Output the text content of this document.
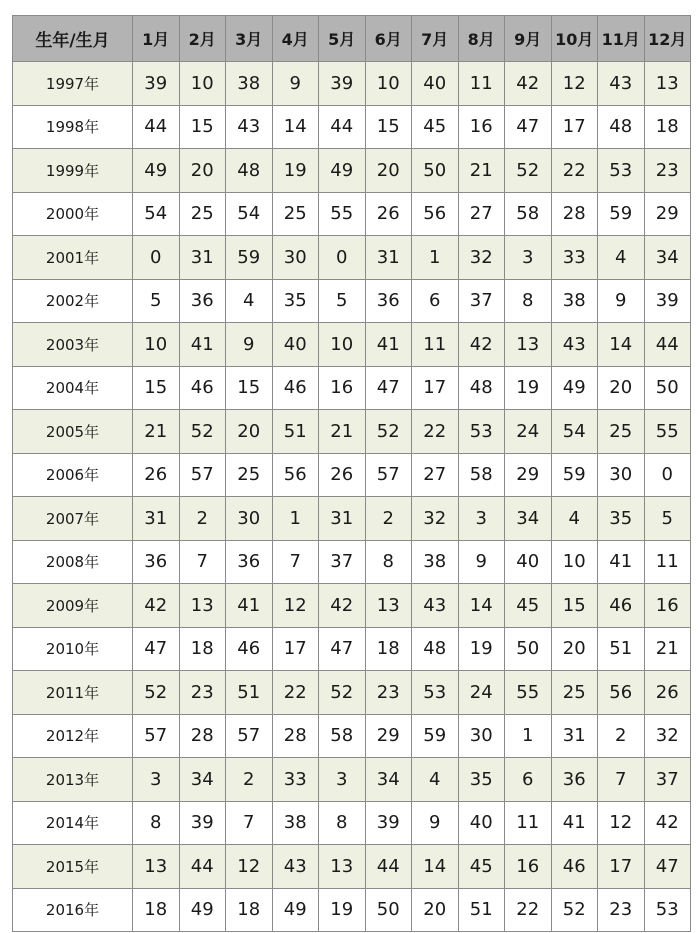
生年/生月	1月	2月	3月	4月	5月	6月	7月	8月	9月	10月	11月	12月
1997年	39	10	38	9	39	10	40	11	42	12	43	13
1998年	44	15	43	14	44	15	45	16	47	17	48	18
1999年	49	20	48	19	49	20	50	21	52	22	53	23
2000年	54	25	54	25	55	26	56	27	58	28	59	29
2001年	0	31	59	30	0	31	1	32	3	33	4	34
2002年	5	36	4	35	5	36	6	37	8	38	9	39
2003年	10	41	9	40	10	41	11	42	13	43	14	44
2004年	15	46	15	46	16	47	17	48	19	49	20	50
2005年	21	52	20	51	21	52	22	53	24	54	25	55
2006年	26	57	25	56	26	57	27	58	29	59	30	0
2007年	31	2	30	1	31	2	32	3	34	4	35	5
2008年	36	7	36	7	37	8	38	9	40	10	41	11
2009年	42	13	41	12	42	13	43	14	45	15	46	16
2010年	47	18	46	17	47	18	48	19	50	20	51	21
2011年	52	23	51	22	52	23	53	24	55	25	56	26
2012年	57	28	57	28	58	29	59	30	1	31	2	32
2013年	3	34	2	33	3	34	4	35	6	36	7	37
2014年	8	39	7	38	8	39	9	40	11	41	12	42
2015年	13	44	12	43	13	44	14	45	16	46	17	47
2016年	18	49	18	49	19	50	20	51	22	52	23	53
